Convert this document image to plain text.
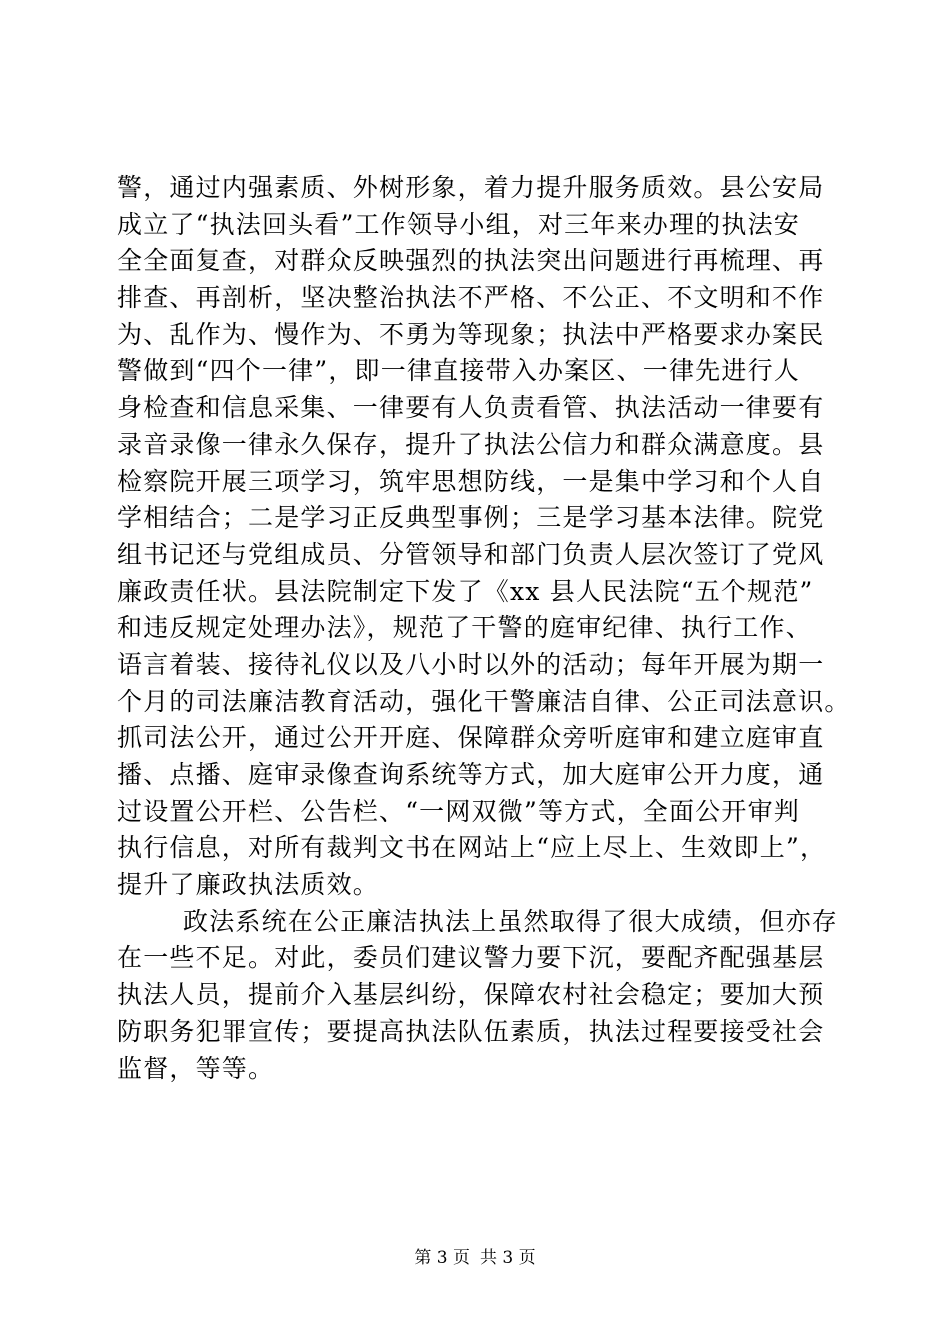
警，通过内强素质、外树形象，着力提升服务质效。县公安局
成立了“执法回头看”工作领导小组，对三年来办理的执法安
全全面复查，对群众反映强烈的执法突出问题进行再梳理、再
排查、再剖析，坚决整治执法不严格、不公正、不文明和不作
为、乱作为、慢作为、不勇为等现象；执法中严格要求办案民
警做到“四个一律”，即一律直接带入办案区、一律先进行人
身检查和信息采集、一律要有人负责看管、执法活动一律要有
录音录像一律永久保存，提升了执法公信力和群众满意度。县
检察院开展三项学习，筑牢思想防线，一是集中学习和个人自
学相结合；二是学习正反典型事例；三是学习基本法律。院党
组书记还与党组成员、分管领导和部门负责人层次签订了党风
廉政责任状。县法院制定下发了《xx 县人民法院“五个规范”
和违反规定处理办法》，规范了干警的庭审纪律、执行工作、
语言着装、接待礼仪以及八小时以外的活动；每年开展为期一
个月的司法廉洁教育活动，强化干警廉洁自律、公正司法意识。
抓司法公开，通过公开开庭、保障群众旁听庭审和建立庭审直
播、点播、庭审录像查询系统等方式，加大庭审公开力度，通
过设置公开栏、公告栏、“一网双微”等方式，全面公开审判
执行信息，对所有裁判文书在网站上“应上尽上、生效即上”，
提升了廉政执法质效。
政法系统在公正廉洁执法上虽然取得了很大成绩，但亦存
在一些不足。对此，委员们建议警力要下沉，要配齐配强基层
执法人员，提前介入基层纠纷，保障农村社会稳定；要加大预
防职务犯罪宣传；要提高执法队伍素质，执法过程要接受社会
监督，等等。
第 3 页 共 3 页
